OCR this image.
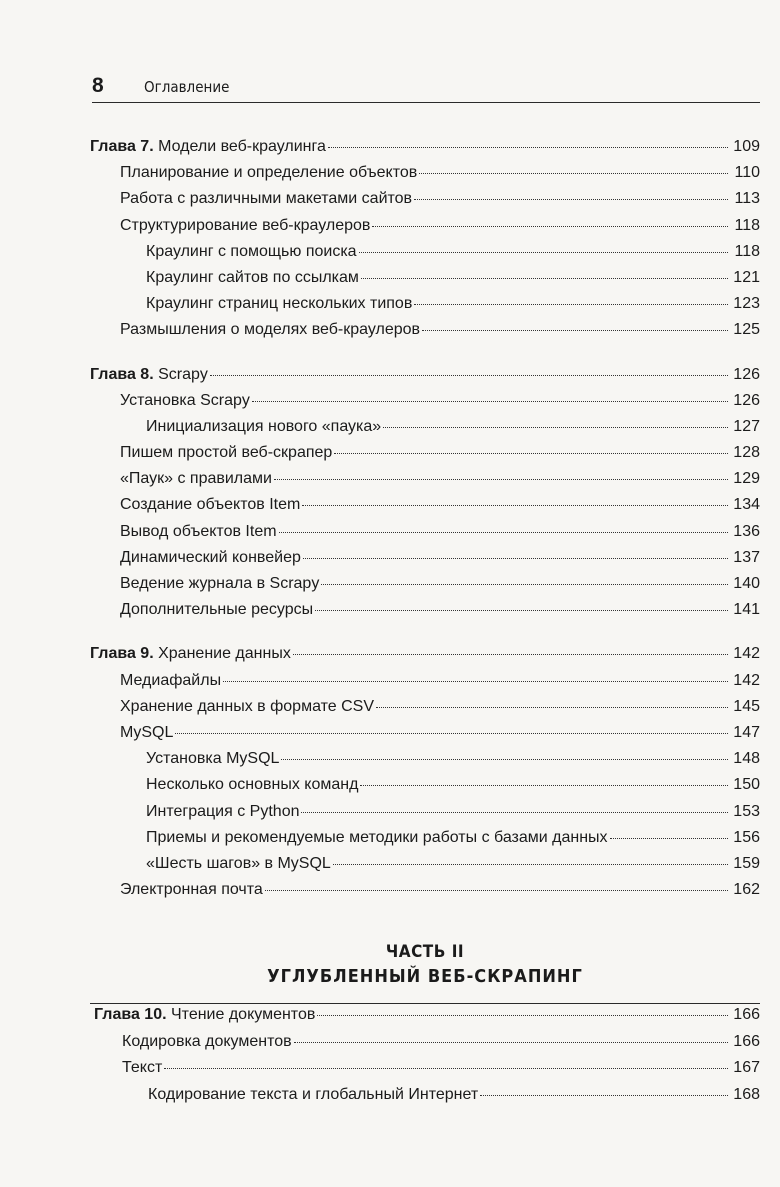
8	Оглавление
Глава 7. Модели веб-краулинга	109
Планирование и определение объектов	110
Работа с различными макетами сайтов	113
Структурирование веб-краулеров	118
Краулинг с помощью поиска	118
Краулинг сайтов по ссылкам	121
Краулинг страниц нескольких типов	123
Размышления о моделях веб-краулеров	125
Глава 8. Scrapy	126
Установка Scrapy	126
Инициализация нового «паука»	127
Пишем простой веб-скрапер	128
«Паук» с правилами	129
Создание объектов Item	134
Вывод объектов Item	136
Динамический конвейер	137
Ведение журнала в Scrapy	140
Дополнительные ресурсы	141
Глава 9. Хранение данных	142
Медиафайлы	142
Хранение данных в формате CSV	145
MySQL	147
Установка MySQL	148
Несколько основных команд	150
Интеграция с Python	153
Приемы и рекомендуемые методики работы с базами данных	156
«Шесть шагов» в MySQL	159
Электронная почта	162
ЧАСТЬ II
УГЛУБЛЕННЫЙ ВЕБ-СКРАПИНГ
Глава 10. Чтение документов	166
Кодировка документов	166
Текст	167
Кодирование текста и глобальный Интернет	168
